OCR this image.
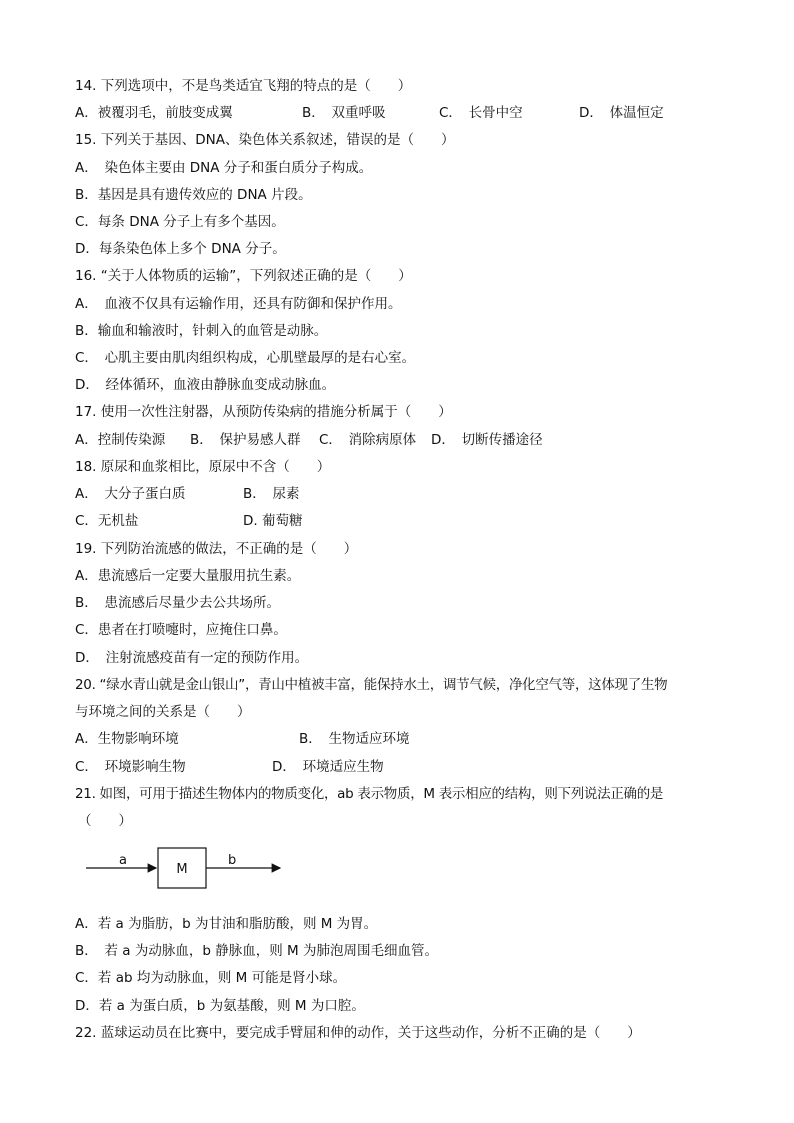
14. 下列选项中，不是鸟类适宜飞翔的特点的是（　　）
A．被覆羽毛，前肢变成翼	B．　双重呼吸	C．　长骨中空	D．　体温恒定
15. 下列关于基因、DNA、染色体关系叙述，错误的是（　　）
A．　染色体主要由 DNA 分子和蛋白质分子构成。
B．基因是具有遗传效应的 DNA 片段。
C．每条 DNA 分子上有多个基因。
D．每条染色体上多个 DNA 分子。
16. “关于人体物质的运输”，下列叙述正确的是（　　）
A．　血液不仅具有运输作用，还具有防御和保护作用。
B．输血和输液时，针刺入的血管是动脉。
C．　心肌主要由肌肉组织构成，心肌壁最厚的是右心室。
D．　经体循环，血液由静脉血变成动脉血。
17. 使用一次性注射器，从预防传染病的措施分析属于（　　）
A．控制传染源 B．　保护易感人群 C．　消除病原体 D．　切断传播途径
18. 原尿和血浆相比，原尿中不含（　　）
A．　大分子蛋白质	B．　尿素
C．无机盐	D. 葡萄糖
19. 下列防治流感的做法，不正确的是（　　）
A．患流感后一定要大量服用抗生素。
B．　患流感后尽量少去公共场所。
C．患者在打喷嚏时，应掩住口鼻。
D．　注射流感疫苗有一定的预防作用。
20. “绿水青山就是金山银山”，青山中植被丰富，能保持水土，调节气候，净化空气等，这体现了生物
与环境之间的关系是（　　）
A．生物影响环境	B．　生物适应环境
C．　环境影响生物	D．　环境适应生物
21. 如图，可用于描述生物体内的物质变化，ab 表示物质，M 表示相应的结构，则下列说法正确的是
（　　）
a
M
b
A．若 a 为脂肪，b 为甘油和脂肪酸，则 M 为胃。
B．　若 a 为动脉血，b 静脉血，则 M 为肺泡周围毛细血管。
C．若 ab 均为动脉血，则 M 可能是肾小球。
D．若 a 为蛋白质，b 为氨基酸，则 M 为口腔。
22. 蓝球运动员在比赛中，要完成手臂屈和伸的动作，关于这些动作，分析不正确的是（　　）
